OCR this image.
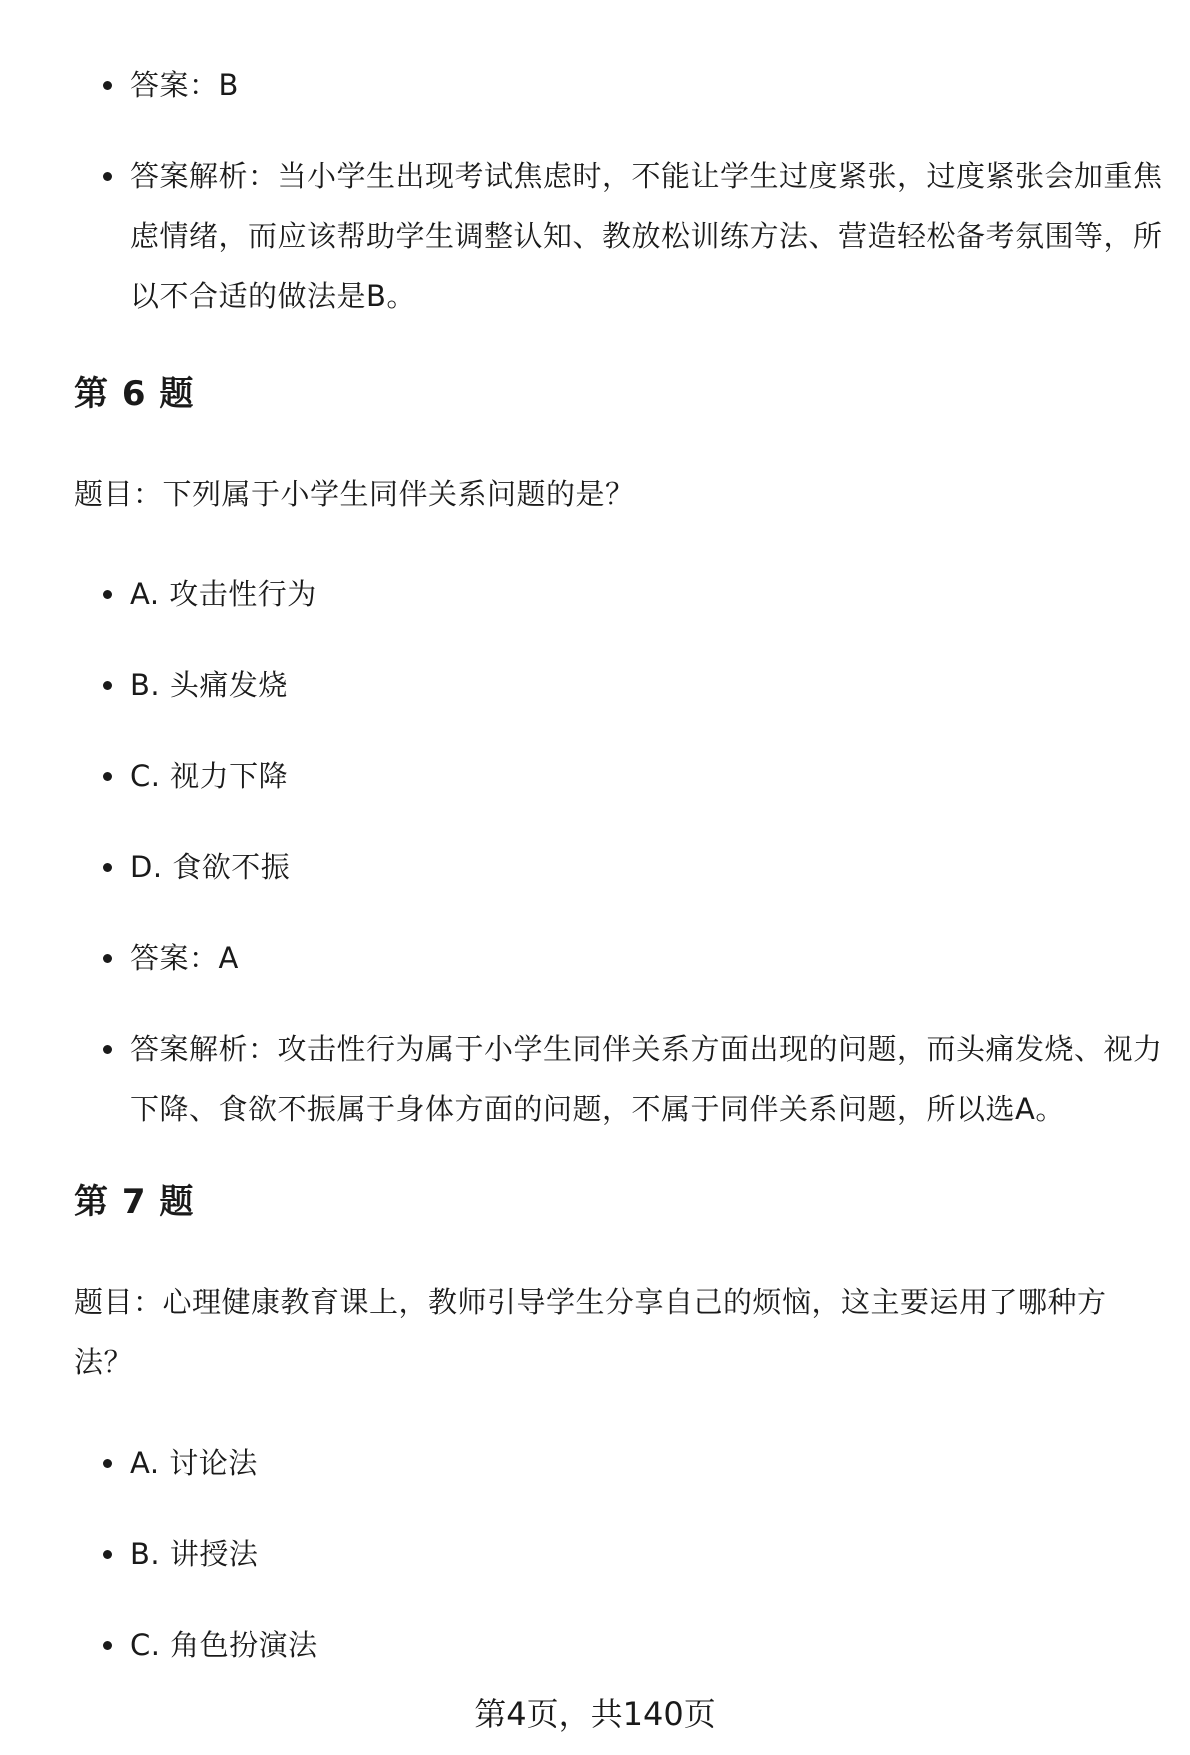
答案：B
答案解析：当小学生出现考试焦虑时，不能让学生过度紧张，过度紧张会加重焦虑情绪，而应该帮助学生调整认知、教放松训练方法、营造轻松备考氛围等，所以不合适的做法是B。
第 6 题
题目：下列属于小学生同伴关系问题的是？
A. 攻击性行为
B. 头痛发烧
C. 视力下降
D. 食欲不振
答案：A
答案解析：攻击性行为属于小学生同伴关系方面出现的问题，而头痛发烧、视力下降、食欲不振属于身体方面的问题，不属于同伴关系问题，所以选A。
第 7 题
题目：心理健康教育课上，教师引导学生分享自己的烦恼，这主要运用了哪种方法？
A. 讨论法
B. 讲授法
C. 角色扮演法
第4页，共140页
